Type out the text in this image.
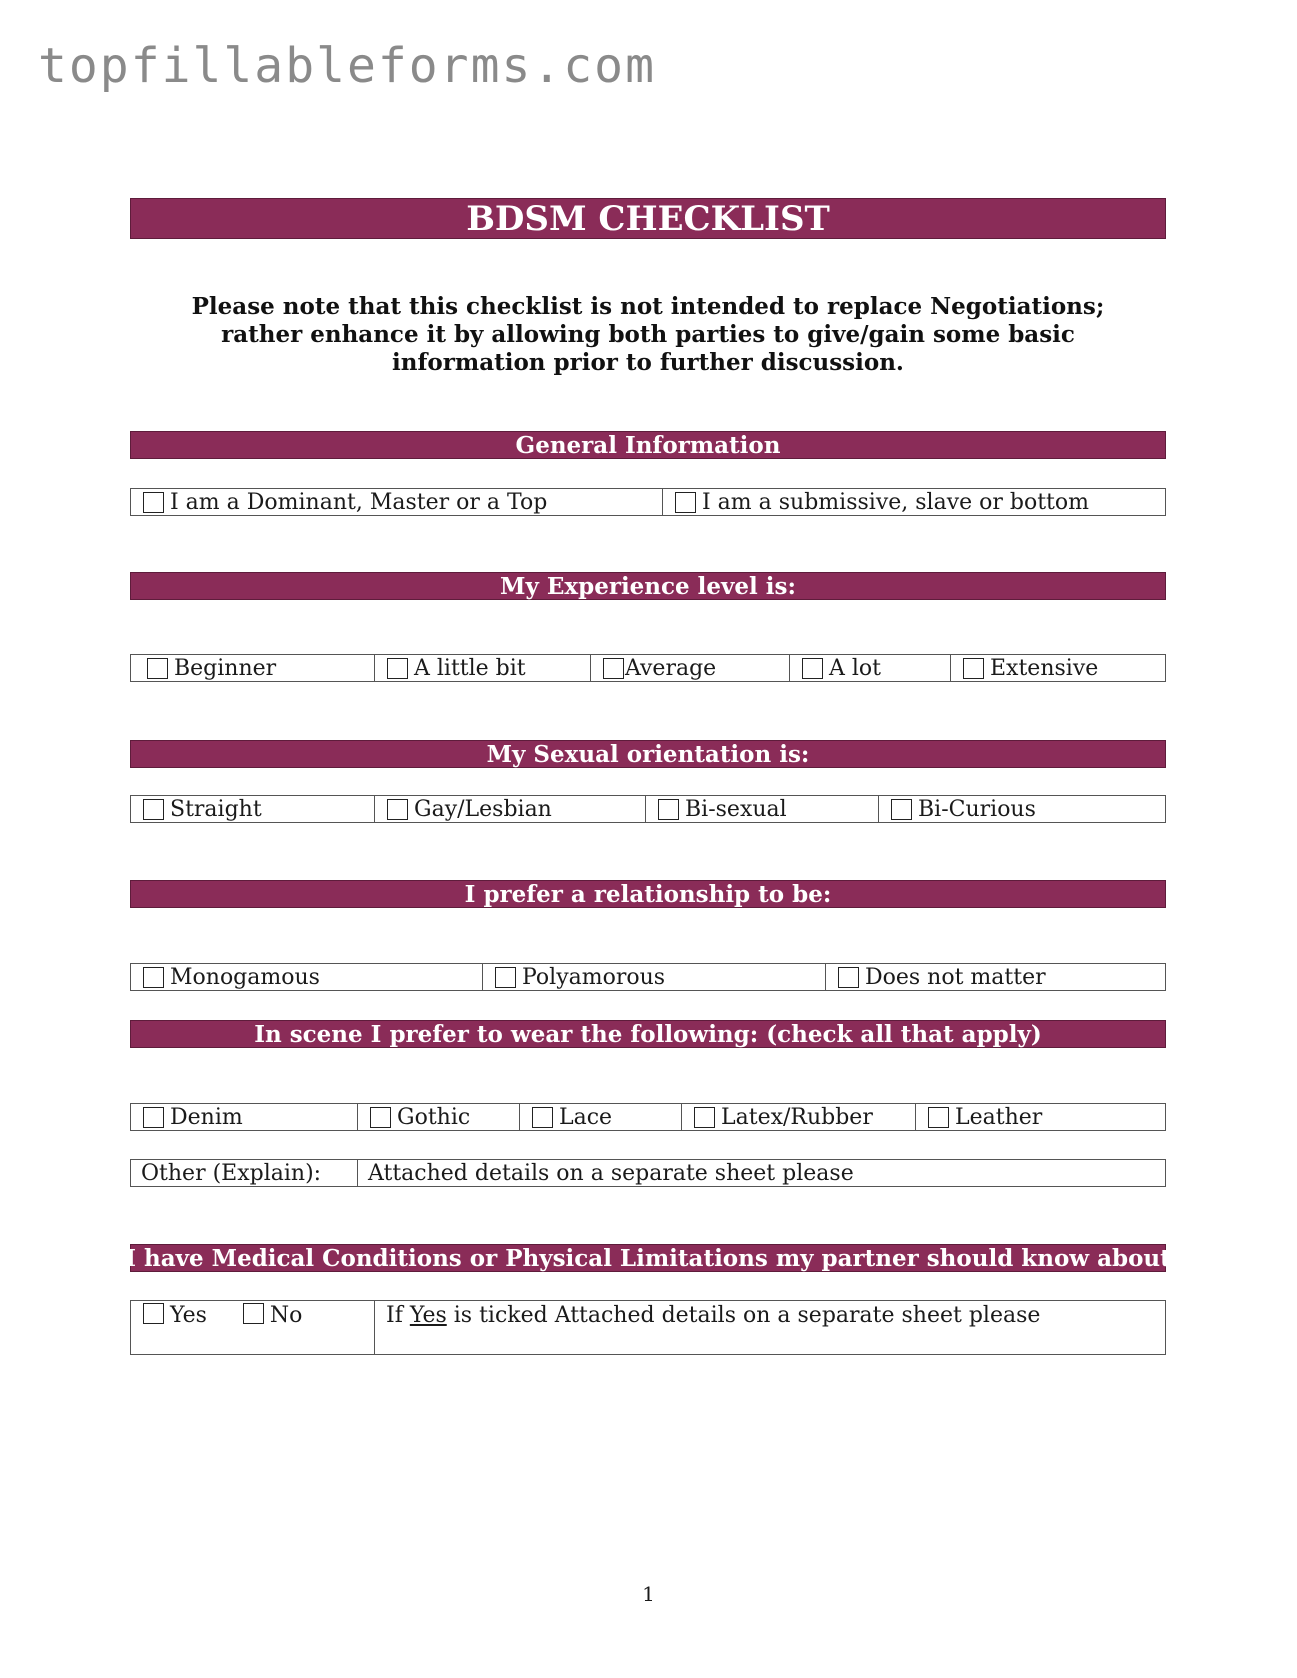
topfillableforms.com
BDSM CHECKLIST
Please note that this checklist is not intended to replace Negotiations; rather enhance it by allowing both parties to give/gain some basic information prior to further discussion.
General Information
I am a Dominant, Master or a Top	I am a submissive, slave or bottom
My Experience level is:
Beginner	A little bit	Average	A lot	Extensive
My Sexual orientation is:
Straight	Gay/Lesbian	Bi-sexual	Bi-Curious
I prefer a relationship to be:
Monogamous	Polyamorous	Does not matter
In scene I prefer to wear the following: (check all that apply)
Denim	Gothic	Lace	Latex/Rubber	Leather
Other (Explain):	Attached details on a separate sheet please
I have Medical Conditions or Physical Limitations my partner should know about
Yes	No	If Yes is ticked Attached details on a separate sheet please
1
